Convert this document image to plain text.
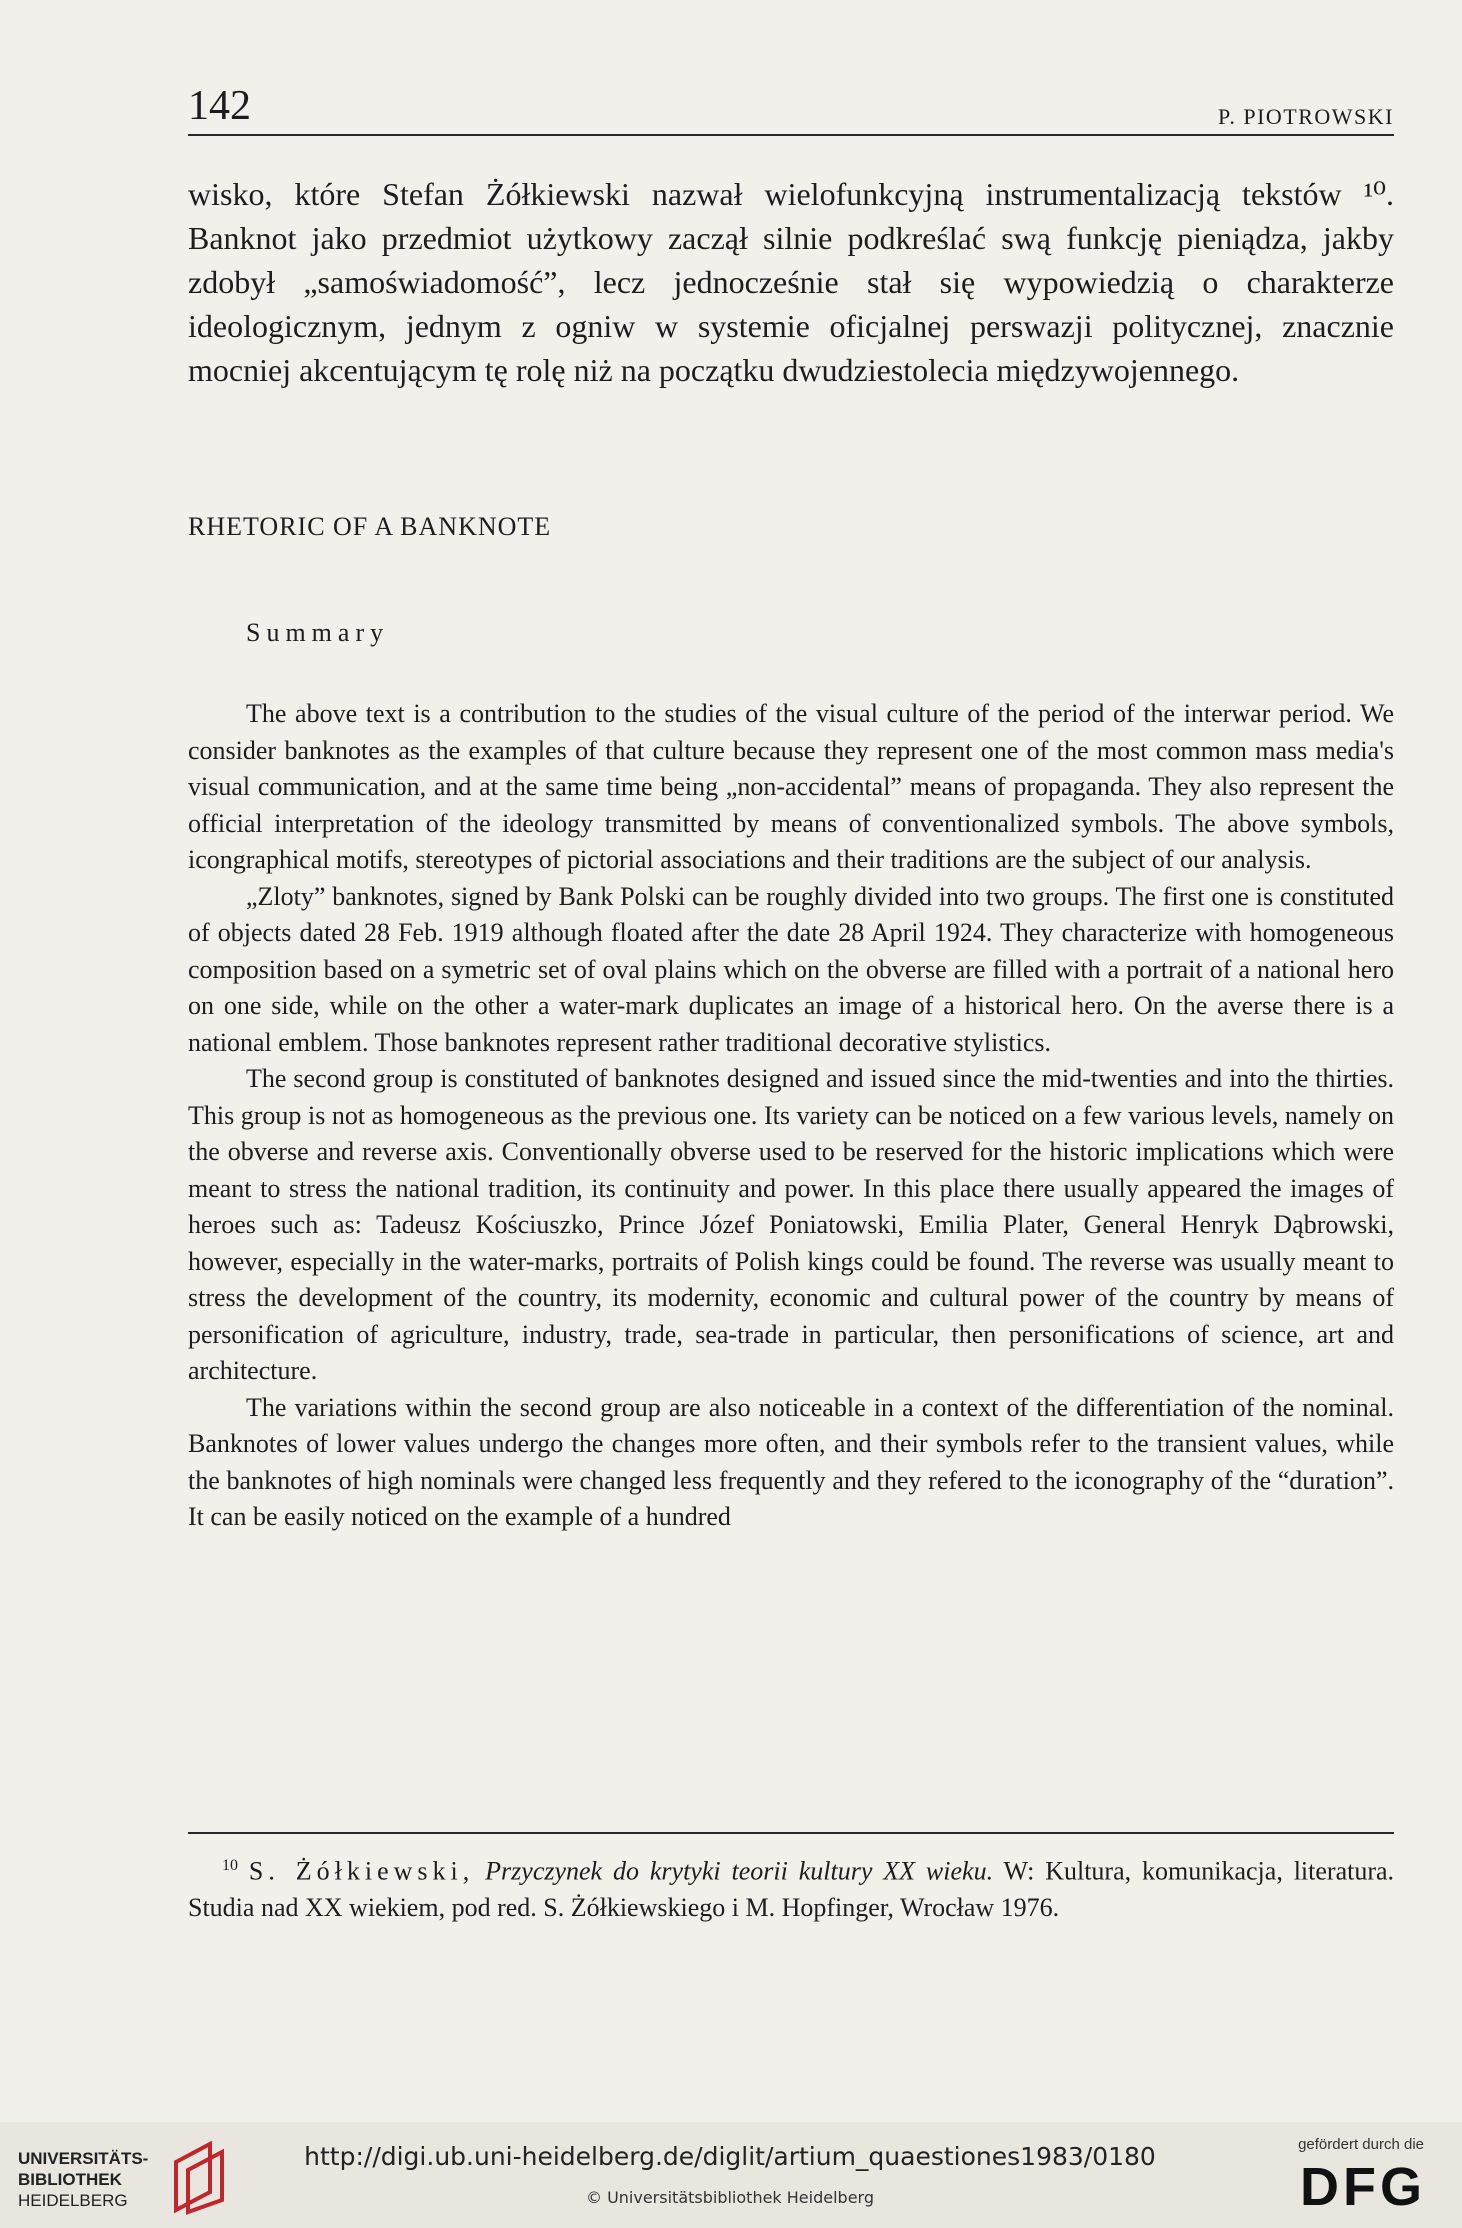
142	P. PIOTROWSKI

wisko, które Stefan Żółkiewski nazwał wielofunkcyjną instrumentalizacją tekstów ¹⁰. Banknot jako przedmiot użytkowy zaczął silnie podkreślać swą funkcję pieniądza, jakby zdobył „samoświadomość”, lecz jednocześnie stał się wypowiedzią o charakterze ideologicznym, jednym z ogniw w systemie oficjalnej perswazji politycznej, znacznie mocniej akcentującym tę rolę niż na początku dwudziestolecia międzywojennego.

RHETORIC OF A BANKNOTE
Summary

The above text is a contribution to the studies of the visual culture of the period of the interwar period. We consider banknotes as the examples of that culture because they represent one of the most common mass media's visual communication, and at the same time being „non-accidental” means of propaganda. They also represent the official interpretation of the ideology transmitted by means of conventionalized symbols. The above symbols, icongraphical motifs, stereotypes of pictorial associations and their traditions are the subject of our analysis.

„Zloty” banknotes, signed by Bank Polski can be roughly divided into two groups. The first one is constituted of objects dated 28 Feb. 1919 although floated after the date 28 April 1924. They characterize with homogeneous composition based on a symetric set of oval plains which on the obverse are filled with a portrait of a national hero on one side, while on the other a water-mark duplicates an image of a historical hero. On the averse there is a national emblem. Those banknotes represent rather traditional decorative stylistics.

The second group is constituted of banknotes designed and issued since the mid-twenties and into the thirties. This group is not as homogeneous as the previous one. Its variety can be noticed on a few various levels, namely on the obverse and reverse axis. Conventionally obverse used to be reserved for the historic implications which were meant to stress the national tradition, its continuity and power. In this place there usually appeared the images of heroes such as: Tadeusz Kościuszko, Prince Józef Poniatowski, Emilia Plater, General Henryk Dąbrowski, however, especially in the water-marks, portraits of Polish kings could be found. The reverse was usually meant to stress the development of the country, its modernity, economic and cultural power of the country by means of personification of agriculture, industry, trade, sea-trade in particular, then personifications of science, art and architecture.

The variations within the second group are also noticeable in a context of the differentiation of the nominal. Banknotes of lower values undergo the changes more often, and their symbols refer to the transient values, while the banknotes of high nominals were changed less frequently and they refered to the iconography of the “duration”. It can be easily noticed on the example of a hundred

$^{10}$ S. Żółkiewski, Przyczynek do krytyki teorii kultury XX wieku. W: Kultura, komunikacja, literatura. Studia nad XX wiekiem, pod red. S. Żółkiewskiego i M. Hopfinger, Wrocław 1976.

UNIVERSITÄTS-
BIBLIOTHEK
HEIDELBERG
http://digi.ub.uni-heidelberg.de/diglit/artium_quaestiones1983/0180
© Universitätsbibliothek Heidelberg
gefördert durch die
DFG
